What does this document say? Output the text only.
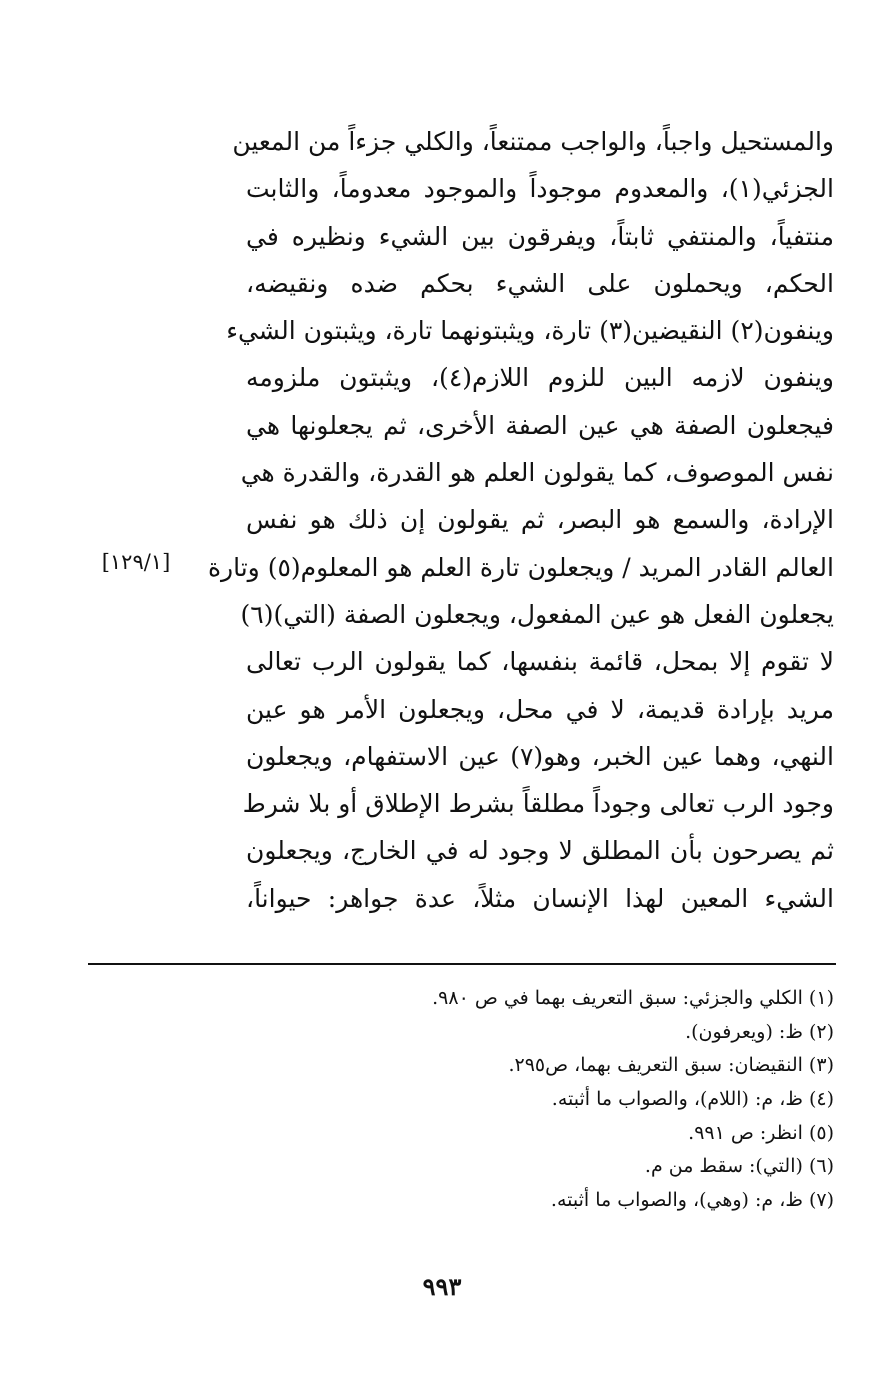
والمستحيل واجباً، والواجب ممتنعاً، والكلي جزءاً من المعين
الجزئي(١)، والمعدوم موجوداً والموجود معدوماً، والثابت
منتفياً، والمنتفي ثابتاً، ويفرقون بين الشيء ونظيره في
الحكم، ويحملون على الشيء بحكم ضده ونقيضه،
وينفون(٢) النقيضين(٣) تارة، ويثبتونهما تارة، ويثبتون الشيء
وينفون لازمه البين للزوم اللازم(٤)، ويثبتون ملزومه
فيجعلون الصفة هي عين الصفة الأخرى، ثم يجعلونها هي
نفس الموصوف، كما يقولون العلم هو القدرة، والقدرة هي
الإرادة، والسمع هو البصر، ثم يقولون إن ذلك هو نفس
العالم القادر المريد / ويجعلون تارة العلم هو المعلوم(٥) وتارة
يجعلون الفعل هو عين المفعول، ويجعلون الصفة (التي)(٦)
لا تقوم إلا بمحل، قائمة بنفسها، كما يقولون الرب تعالى
مريد بإرادة قديمة، لا في محل، ويجعلون الأمر هو عين
النهي، وهما عين الخبر، وهو(٧) عين الاستفهام، ويجعلون
وجود الرب تعالى وجوداً مطلقاً بشرط الإطلاق أو بلا شرط
ثم يصرحون بأن المطلق لا وجود له في الخارج، ويجعلون
الشيء المعين لهذا الإنسان مثلاً، عدة جواهر: حيواناً،
[١٢٩/١]
(١) الكلي والجزئي: سبق التعريف بهما في ص ٩٨٠.
(٢) ظ: (ويعرفون).
(٣) النقيضان: سبق التعريف بهما، ص٢٩٥.
(٤) ظ، م: (اللام)، والصواب ما أثبته.
(٥) انظر: ص ٩٩١.
(٦) (التي): سقط من م.
(٧) ظ، م: (وهي)، والصواب ما أثبته.
٩٩٣
